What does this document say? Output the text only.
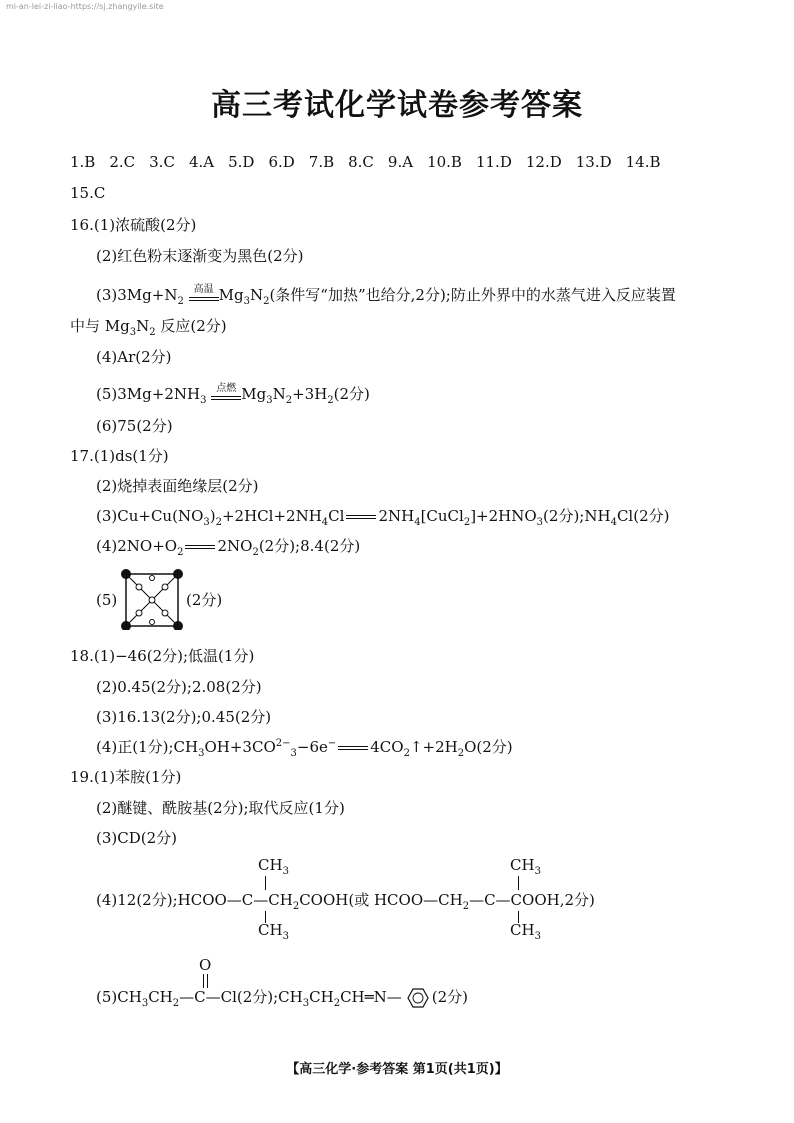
mi-an-lei-zi-liao-https://sj.zhangyile.site
高三考试化学试卷参考答案
1.B 2.C 3.C 4.A 5.D 6.D 7.B 8.C 9.A 10.B 11.D 12.D 13.D 14.B
15.C
16.(1)浓硫酸(2分)
(2)红色粉末逐渐变为黑色(2分)
$(3)3Mg+N_2$
高温 $Mg_3N_2$(条件写“加热”也给分,2分);防止外界中的水蒸气进入反应装置
中与 $Mg_3N_2$ 反应(2分)
(4)Ar(2分)
$(5)3Mg+2NH_3$
点燃 $Mg_3N_2+3H_2(2$分)
(6)75(2分)
17.(1)ds(1分)
(2)烧掉表面绝缘层(2分)
$(3)Cu+Cu(NO_3)_2+2HCl+2NH_4Cl$ $2NH_4[CuCl_2]+2HNO_3(2$分)$;NH_4Cl(2$分)
$(4)2NO+O_2$ $2NO_2(2$分);8.4(2分)
(5)	(2分)
18.(1)−46(2分);低温(1分)
(2)0.45(2分);2.08(2分)
(3)16.13(2分);0.45(2分)
(4)正(1分)$;CH_3OH+3CO^{2-}_3-6e^-$ $4CO_2↑+2H_2O(2$分)
19.(1)苯胺(1分)
(2)醚键、酰胺基(2分);取代反应(1分)
(3)CD(2分)
$CH_3$
(4)12(2分)$;HCOO—C—CH_2COOH$(或 $HCOO—CH_2—C—COOH,2$分)
$CH_3$
$CH_3$
$CH_3$
O
$(5)CH_3CH_2—C—Cl(2$分)$;CH_3CH_2CH═N—$ (2分)
【高三化学·参考答案 第1页(共1页)】
